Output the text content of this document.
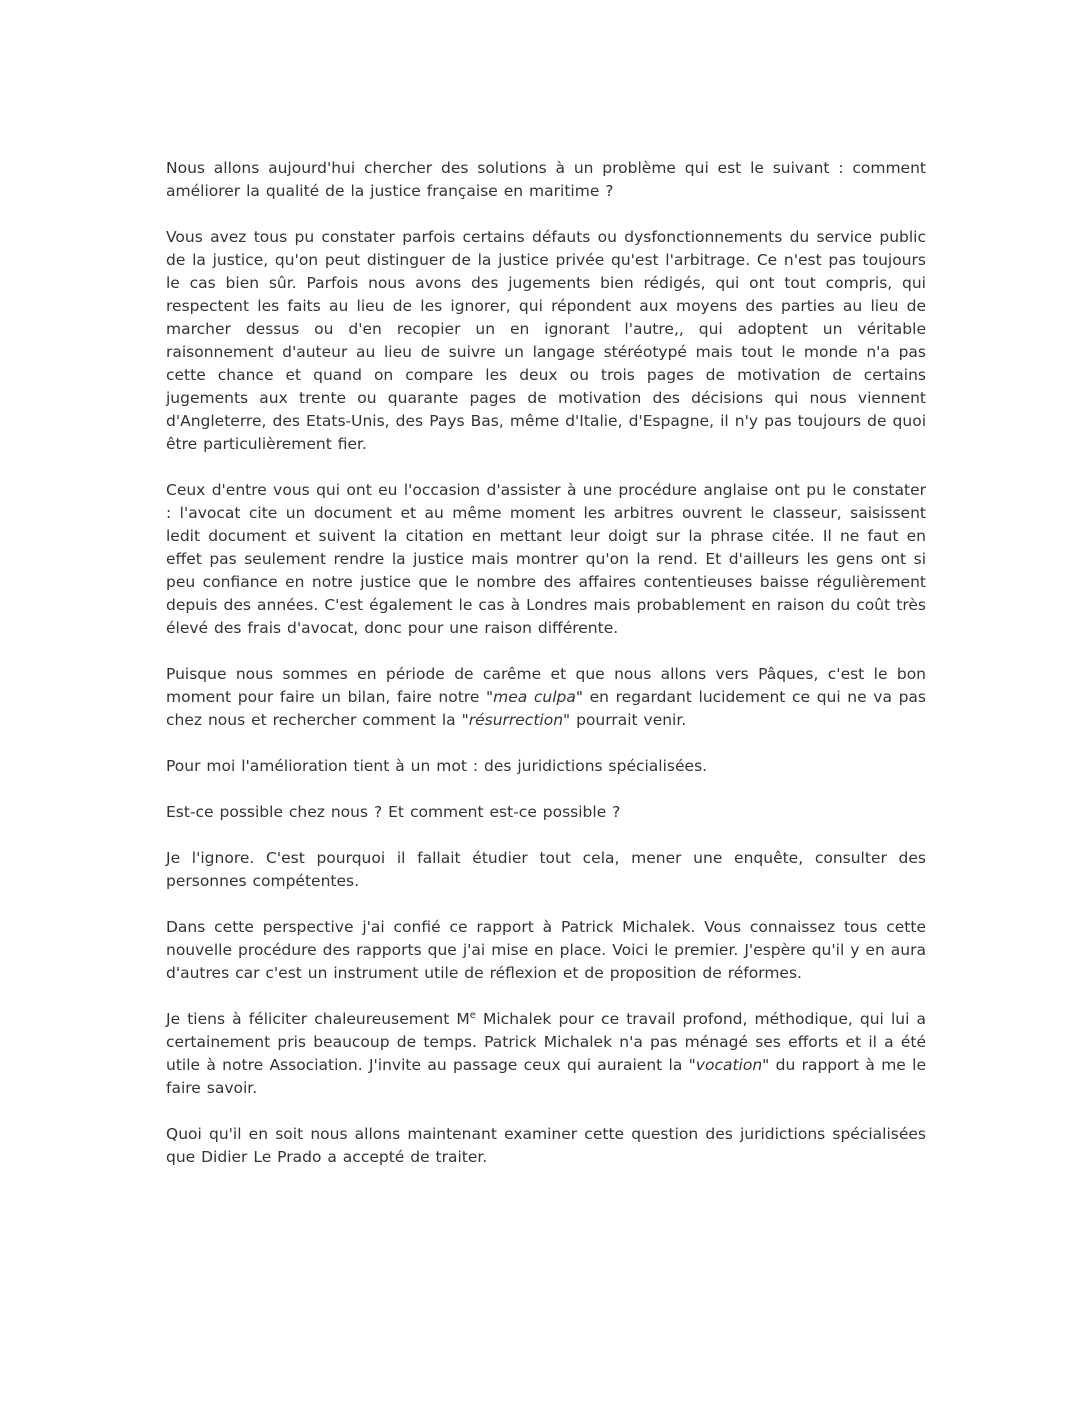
Nous allons aujourd'hui chercher des solutions à un problème qui est le suivant : comment améliorer la qualité de la justice française en maritime ?

Vous avez tous pu constater parfois certains défauts ou dysfonctionnements du service public de la justice, qu'on peut distinguer de la justice privée qu'est l'arbitrage. Ce n'est pas toujours le cas bien sûr. Parfois nous avons des jugements bien rédigés, qui ont tout compris, qui respectent les faits au lieu de les ignorer, qui répondent aux moyens des parties au lieu de marcher dessus ou d'en recopier un en ignorant l'autre,, qui adoptent un véritable raisonnement d'auteur au lieu de suivre un langage stéréotypé mais tout le monde n'a pas cette chance et quand on compare les deux ou trois pages de motivation de certains jugements aux trente ou quarante pages de motivation des décisions qui nous viennent d'Angleterre, des Etats-Unis, des Pays Bas, même d'Italie, d'Espagne, il n'y pas toujours de quoi être particulièrement fier.

Ceux d'entre vous qui ont eu l'occasion d'assister à une procédure anglaise ont pu le constater : l'avocat cite un document et au même moment les arbitres ouvrent le classeur, saisissent ledit document et suivent la citation en mettant leur doigt sur la phrase citée. Il ne faut en effet pas seulement rendre la justice mais montrer qu'on la rend. Et d'ailleurs les gens ont si peu confiance en notre justice que le nombre des affaires contentieuses baisse régulièrement depuis des années. C'est également le cas à Londres mais probablement en raison du coût très élevé des frais d'avocat, donc pour une raison différente.

Puisque nous sommes en période de carême et que nous allons vers Pâques, c'est le bon moment pour faire un bilan, faire notre "mea culpa" en regardant lucidement ce qui ne va pas chez nous et rechercher comment la "résurrection" pourrait venir.

Pour moi l'amélioration tient à un mot : des juridictions spécialisées.

Est-ce possible chez nous ? Et comment est-ce possible ?

Je l'ignore. C'est pourquoi il fallait étudier tout cela, mener une enquête, consulter des personnes compétentes.

Dans cette perspective j'ai confié ce rapport à Patrick Michalek. Vous connaissez tous cette nouvelle procédure des rapports que j'ai mise en place. Voici le premier. J'espère qu'il y en aura d'autres car c'est un instrument utile de réflexion et de proposition de réformes.

Je tiens à féliciter chaleureusement Me Michalek pour ce travail profond, méthodique, qui lui a certainement pris beaucoup de temps. Patrick Michalek n'a pas ménagé ses efforts et il a été utile à notre Association. J'invite au passage ceux qui auraient la "vocation" du rapport à me le faire savoir.

Quoi qu'il en soit nous allons maintenant examiner cette question des juridictions spécialisées que Didier Le Prado a accepté de traiter.
